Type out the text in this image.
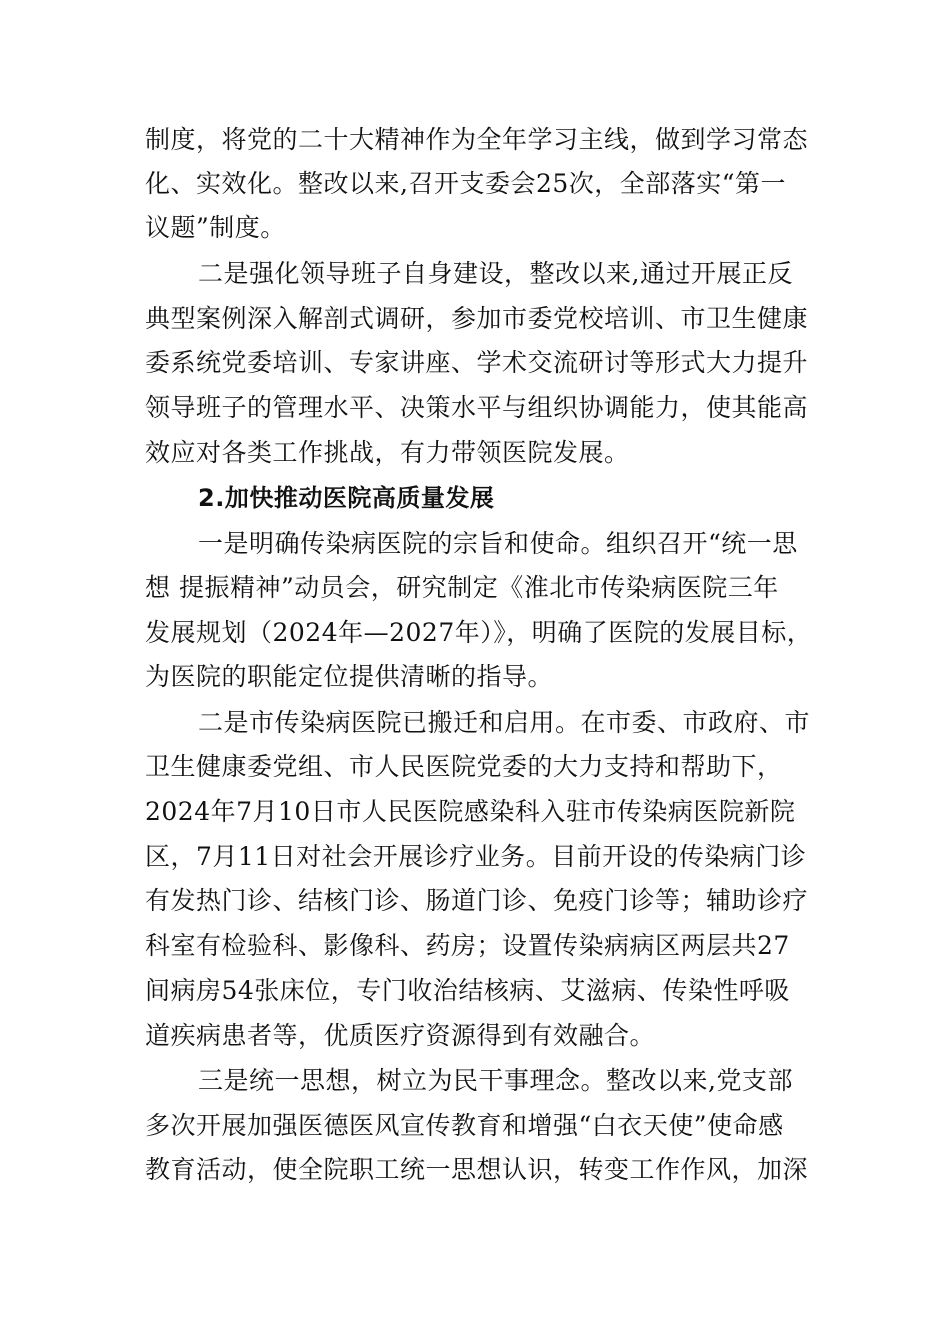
制度，将党的二十大精神作为全年学习主线，做到学习常态
化、实效化。整改以来,召开支委会25次，全部落实“第一
议题”制度。
二是强化领导班子自身建设，整改以来,通过开展正反
典型案例深入解剖式调研，参加市委党校培训、市卫生健康
委系统党委培训、专家讲座、学术交流研讨等形式大力提升
领导班子的管理水平、决策水平与组织协调能力，使其能高
效应对各类工作挑战，有力带领医院发展。
2.加快推动医院高质量发展
一是明确传染病医院的宗旨和使命。组织召开“统一思
想 提振精神”动员会，研究制定《淮北市传染病医院三年
发展规划（2024年—2027年）》，明确了医院的发展目标，
为医院的职能定位提供清晰的指导。
二是市传染病医院已搬迁和启用。在市委、市政府、市
卫生健康委党组、市人民医院党委的大力支持和帮助下，
2024年7月10日市人民医院感染科入驻市传染病医院新院
区，7月11日对社会开展诊疗业务。目前开设的传染病门诊
有发热门诊、结核门诊、肠道门诊、免疫门诊等；辅助诊疗
科室有检验科、影像科、药房；设置传染病病区两层共27
间病房54张床位，专门收治结核病、艾滋病、传染性呼吸
道疾病患者等，优质医疗资源得到有效融合。
三是统一思想，树立为民干事理念。整改以来,党支部
多次开展加强医德医风宣传教育和增强“白衣天使”使命感
教育活动，使全院职工统一思想认识，转变工作作风，加深
